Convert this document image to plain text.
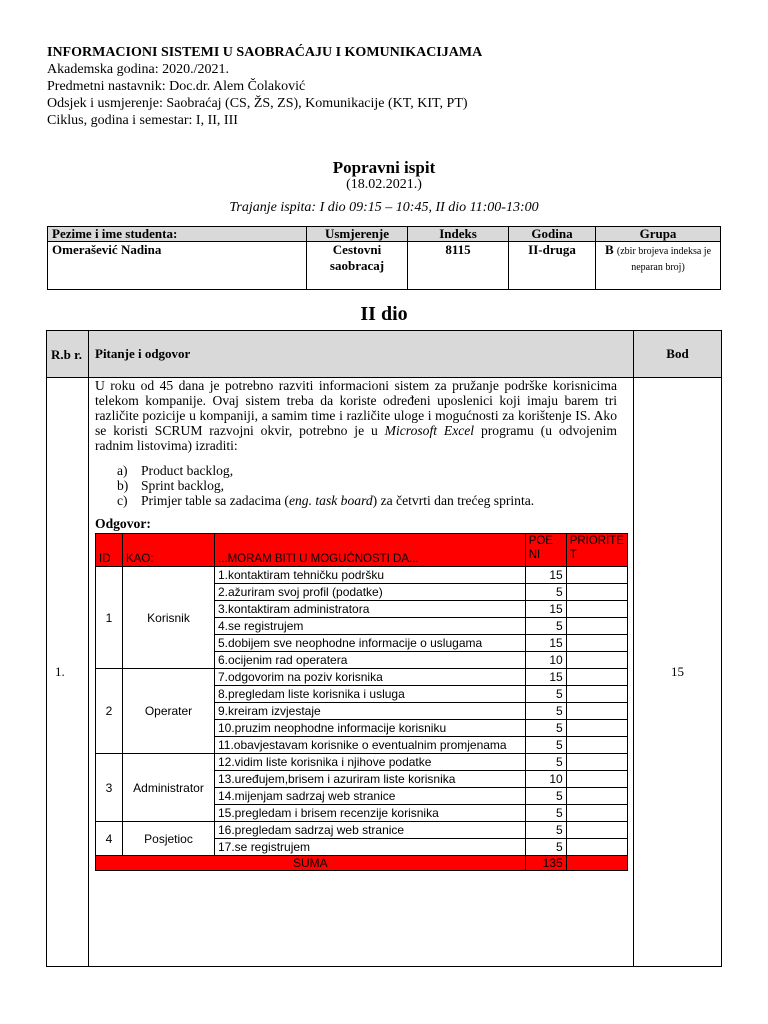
INFORMACIONI SISTEMI U SAOBRAĆAJU I KOMUNIKACIJAMA
Akademska godina: 2020./2021.
Predmetni nastavnik: Doc.dr. Alem Čolaković
Odsjek i usmjerenje: Saobraćaj (CS, ŽS, ZS), Komunikacije (KT, KIT, PT)
Ciklus, godina i semestar: I, II, III
Popravni ispit
(18.02.2021.)
Trajanje ispita: I dio 09:15 – 10:45, II dio 11:00-13:00
Pezime i ime studenta:	Usmjerenje	Indeks	Godina	Grupa
Omerašević Nadina	Cestovni saobracaj	8115	II-druga	B (zbir brojeva indeksa je neparan broj)
II dio
R.b r.	Pitanje i odgovor	Bod
1.	
U roku od 45 dana je potrebno razviti informacioni sistem za pružanje podrške korisnicima telekom kompanije. Ovaj sistem treba da koriste određeni uposlenici koji imaju barem tri različite pozicije u kompaniji, a samim time i različite uloge i mogućnosti za korištenje IS. Ako se koristi SCRUM razvojni okvir, potrebno je u Microsoft Excel programu (u odvojenim radnim listovima) izraditi:
a) Product backlog,
b) Sprint backlog,
c) Primjer table sa zadacima (eng. task board) za četvrti dan trećeg sprinta.
Odgovor:
ID	KAO:	...MORAM BITI U MOGUĆNOSTI DA...	POE NI	PRIORITE T
1	Korisnik	1.kontaktiram tehničku podršku	15	
2.ažuriram svoj profil (podatke)	5	
3.kontaktiram administratora	15	
4.se registrujem	5	
5.dobijem sve neophodne informacije o uslugama	15	
6.ocijenim rad operatera	10	
2	Operater	7.odgovorim na poziv korisnika	15	
8.pregledam liste korisnika i usluga	5	
9.kreiram izvjestaje	5	
10.pruzim neophodne informacije korisniku	5	
11.obavjestavam korisnike o eventualnim promjenama	5	
3	Administrator	12.vidim liste korisnika i njihove podatke	5	
13.uređujem,brisem i azuriram liste korisnika	10	
14.mijenjam sadrzaj web stranice	5	
15.pregledam i brisem recenzije korisnika	5	
4	Posjetioc	16.pregledam sadrzaj web stranice	5	
17.se registrujem	5	
SUMA	135	
	15
